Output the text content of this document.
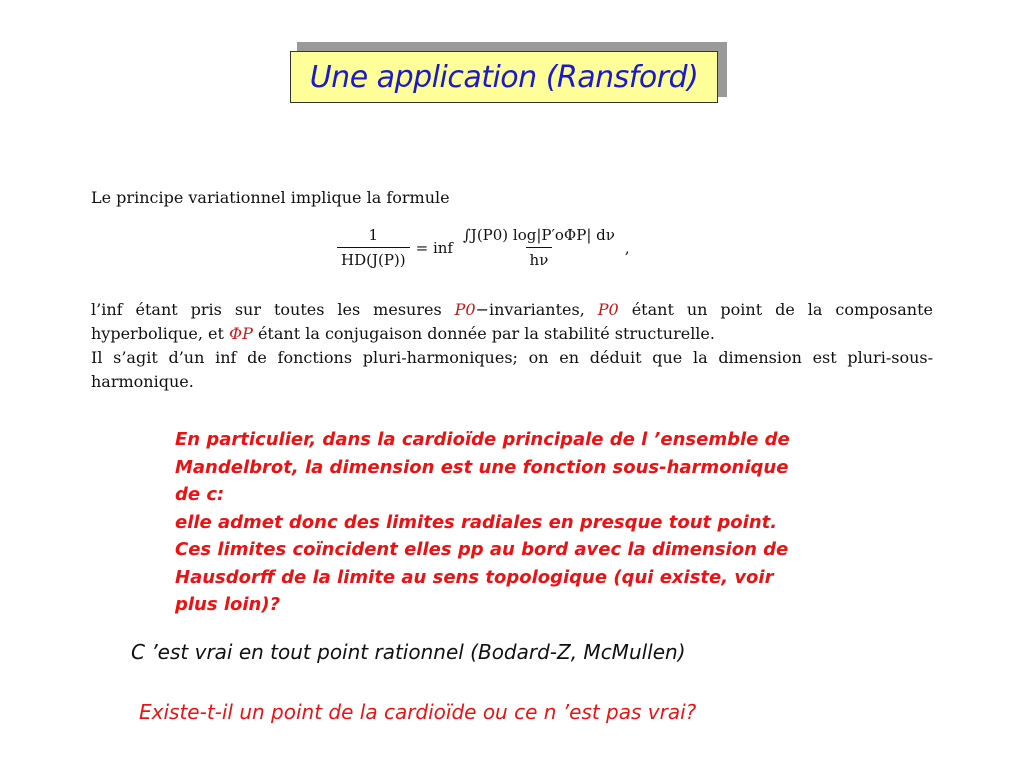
Une application (Ransford)
Le principe variationnel implique la formule
$\frac{1}{HD(J(P))}$ = inf $\frac{\text{∫J(P0) log|P′oΦP| dν}}{h\nu}$ ,
l’inf étant pris sur toutes les mesures P0−invariantes, P0 étant un point de la composante hyperbolique, et ΦP étant la conjugaison donnée par la stabilité structurelle.
Il s’agit d’un inf de fonctions pluri-harmoniques; on en déduit que la dimension est pluri-sous-harmonique.
En particulier, dans la cardioïde principale de l ’ensemble de
Mandelbrot, la dimension est une fonction sous-harmonique
de c:
elle admet donc des limites radiales en presque tout point.
Ces limites coïncident elles pp au bord avec la dimension de
Hausdorff de la limite au sens topologique (qui existe, voir
plus loin)?
C ’est vrai en tout point rationnel (Bodard-Z, McMullen)
Existe-t-il un point de la cardioïde ou ce n ’est pas vrai?
